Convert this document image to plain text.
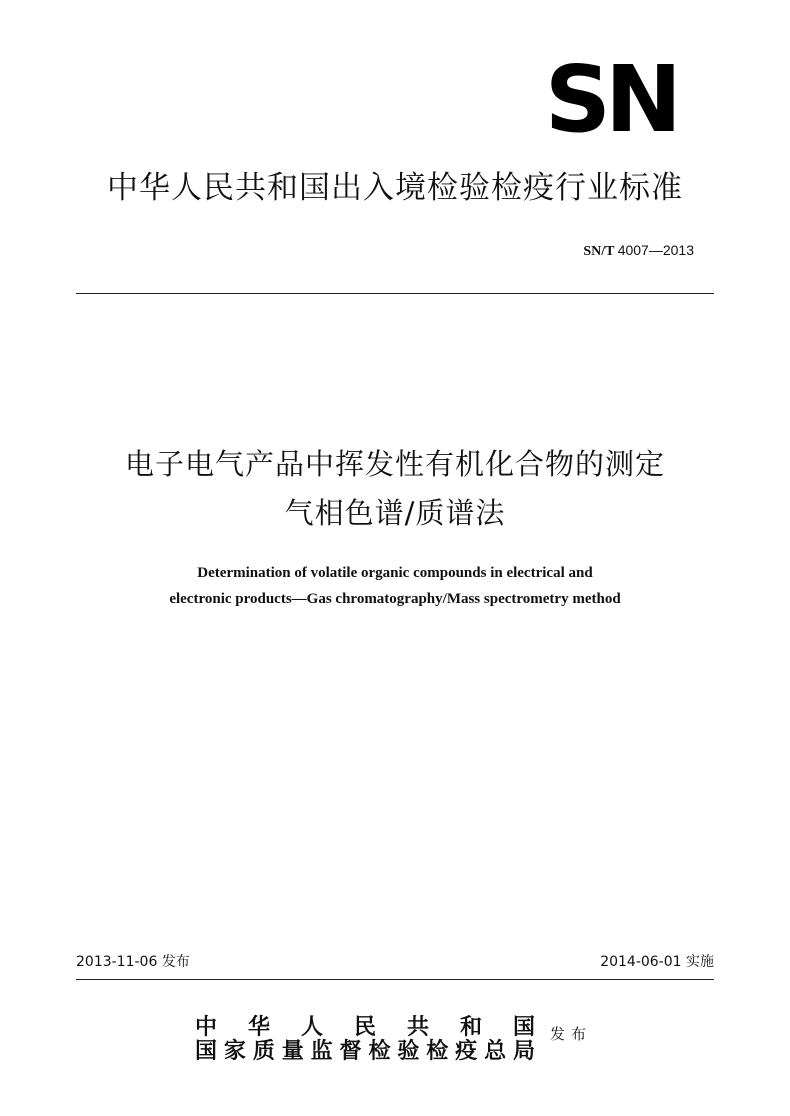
SN
中华人民共和国出入境检验检疫行业标准
SN/T 4007—2013
电子电气产品中挥发性有机化合物的测定
气相色谱/质谱法
Determination of volatile organic compounds in electrical and
electronic products—Gas chromatography/Mass spectrometry method
2013-11-06 发布	2014-06-01 实施
中华人民共和国
国家质量监督检验检疫总局
发布
